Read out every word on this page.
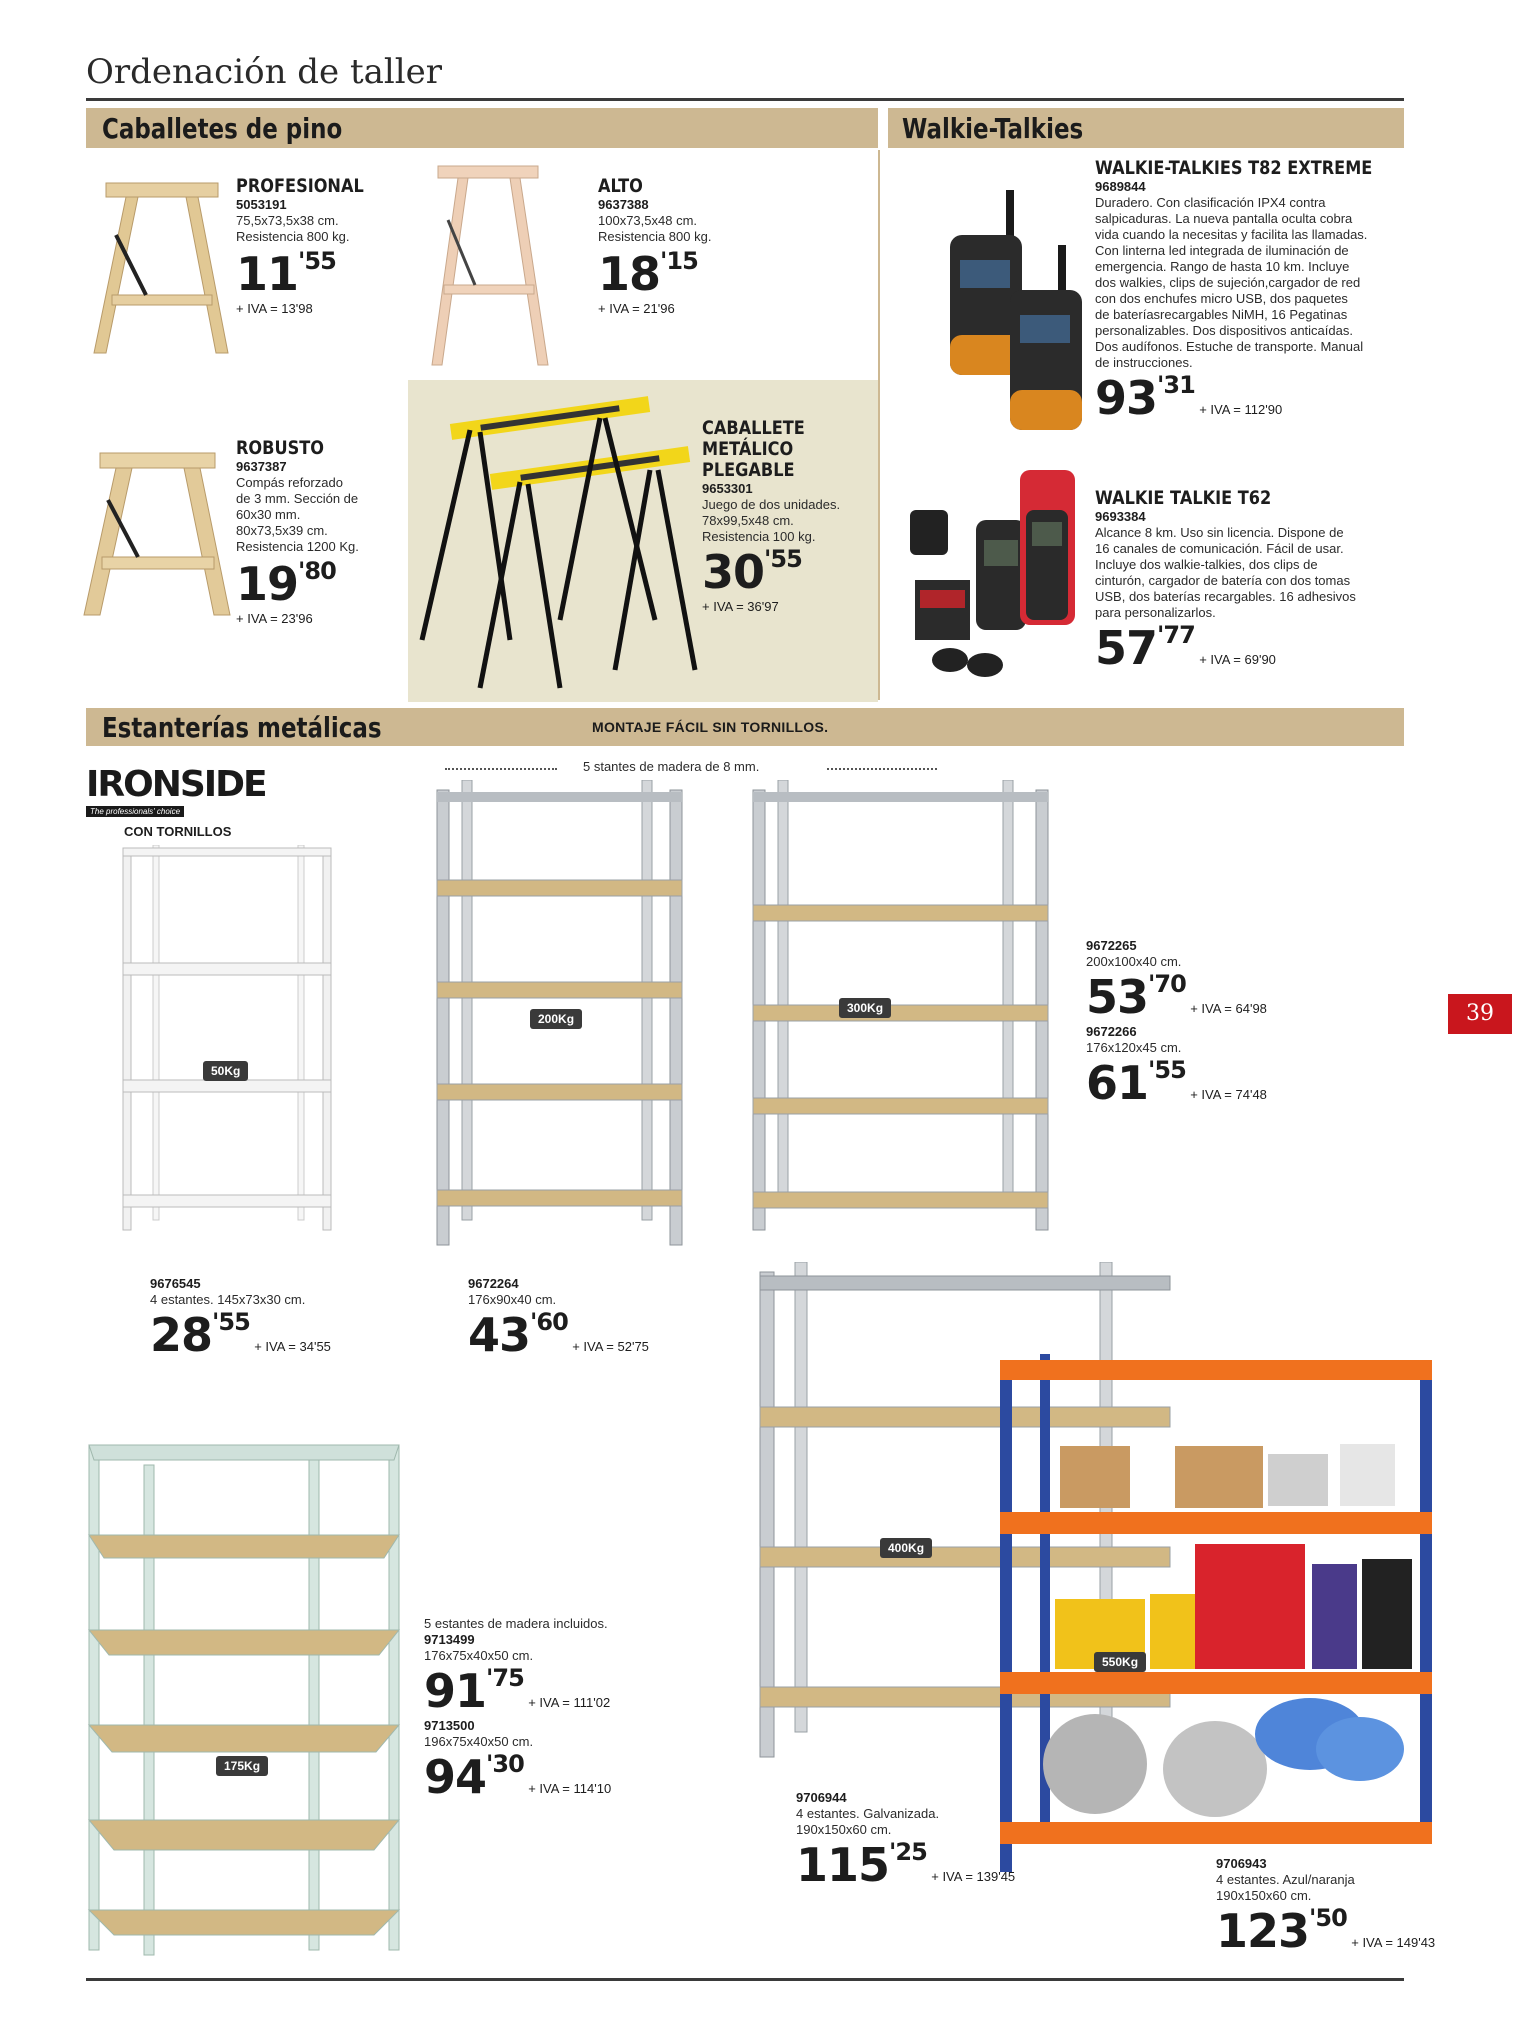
Ordenación de taller
Caballetes de pino	Walkie-Talkies
PROFESIONAL
5053191
75,5x73,5x38 cm.
Resistencia 800 kg.
11'55
+ IVA = 13'98
ALTO
9637388
100x73,5x48 cm.
Resistencia 800 kg.
18'15
+ IVA = 21'96
ROBUSTO
9637387
Compás reforzado
de 3 mm. Sección de
60x30 mm.
80x73,5x39 cm.
Resistencia 1200 Kg.
19'80
+ IVA = 23'96
CABALLETE
METÁLICO
PLEGABLE
9653301
Juego de dos unidades.
78x99,5x48 cm.
Resistencia 100 kg.
30'55
+ IVA = 36'97
WALKIE-TALKIES T82 EXTREME
9689844
Duradero. Con clasificación IPX4 contra
salpicaduras. La nueva pantalla oculta cobra
vida cuando la necesitas y facilita las llamadas.
Con linterna led integrada de iluminación de
emergencia. Rango de hasta 10 km. Incluye
dos walkies, clips de sujeción,cargador de red
con dos enchufes micro USB, dos paquetes
de bateríasrecargables NiMH, 16 Pegatinas
personalizables. Dos dispositivos anticaídas.
Dos audífonos. Estuche de transporte. Manual
de instrucciones.
93'31 + IVA = 112'90
WALKIE TALKIE T62
9693384
Alcance 8 km. Uso sin licencia. Dispone de
16 canales de comunicación. Fácil de usar.
Incluye dos walkie-talkies, dos clips de
cinturón, cargador de batería con dos tomas
USB, dos baterías recargables. 16 adhesivos
para personalizarlos.
57'77 + IVA = 69'90
Estanterías metálicas	MONTAJE FÁCIL SIN TORNILLOS.
IRONSIDE
The professionals' choice
CON TORNILLOS
5 stantes de madera de 8 mm.
50Kg
200Kg
300Kg
9672265
200x100x40 cm.
53'70 + IVA = 64'98
9672266
176x120x45 cm.
61'55 + IVA = 74'48
39
9676545
4 estantes. 145x73x30 cm.
28'55 + IVA = 34'55
9672264
176x90x40 cm.
43'60 + IVA = 52'75
175Kg
5 estantes de madera incluidos.
9713499
176x75x40x50 cm.
91'75 + IVA = 111'02
9713500
196x75x40x50 cm.
94'30 + IVA = 114'10
400Kg
550Kg
9706944
4 estantes. Galvanizada.
190x150x60 cm.
115'25 + IVA = 139'45
9706943
4 estantes. Azul/naranja
190x150x60 cm.
123'50 + IVA = 149'43
